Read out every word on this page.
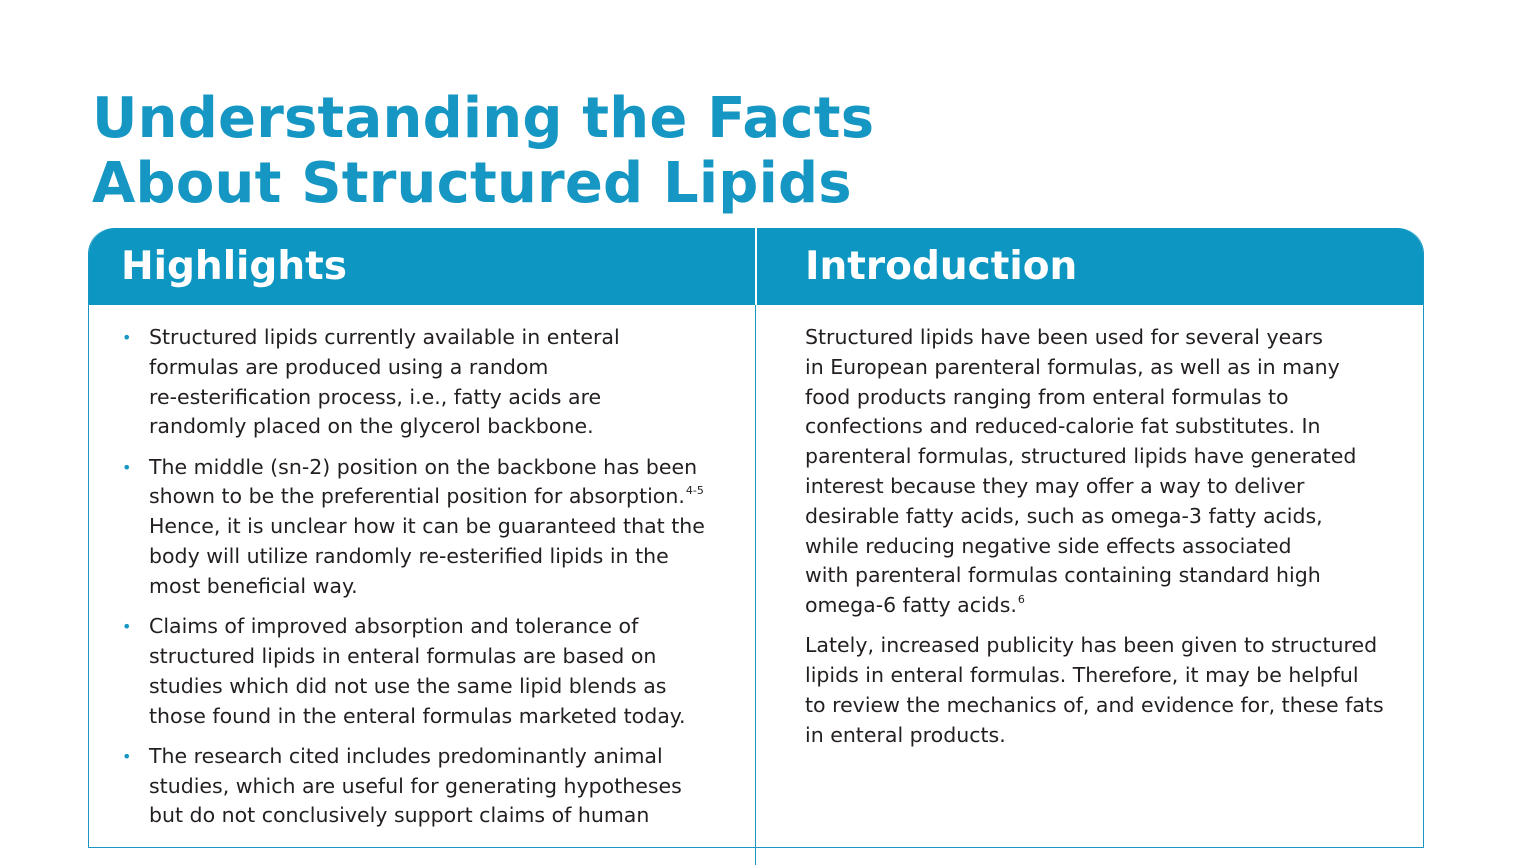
Understanding the Facts
About Structured Lipids
Highlights	Introduction
• Structured lipids currently available in enteral
formulas are produced using a random
re-esterification process, i.e., fatty acids are
randomly placed on the glycerol backbone.
• The middle (sn-2) position on the backbone has been
shown to be the preferential position for absorption.$^{4-5}$
Hence, it is unclear how it can be guaranteed that the
body will utilize randomly re-esterified lipids in the
most beneficial way.
• Claims of improved absorption and tolerance of
structured lipids in enteral formulas are based on
studies which did not use the same lipid blends as
those found in the enteral formulas marketed today.
• The research cited includes predominantly animal
studies, which are useful for generating hypotheses
but do not conclusively support claims of human

Structured lipids have been used for several years
in European parenteral formulas, as well as in many
food products ranging from enteral formulas to
confections and reduced-calorie fat substitutes. In
parenteral formulas, structured lipids have generated
interest because they may offer a way to deliver
desirable fatty acids, such as omega-3 fatty acids,
while reducing negative side effects associated
with parenteral formulas containing standard high
omega-6 fatty acids.$^6$

Lately, increased publicity has been given to structured
lipids in enteral formulas. Therefore, it may be helpful
to review the mechanics of, and evidence for, these fats
in enteral products.
